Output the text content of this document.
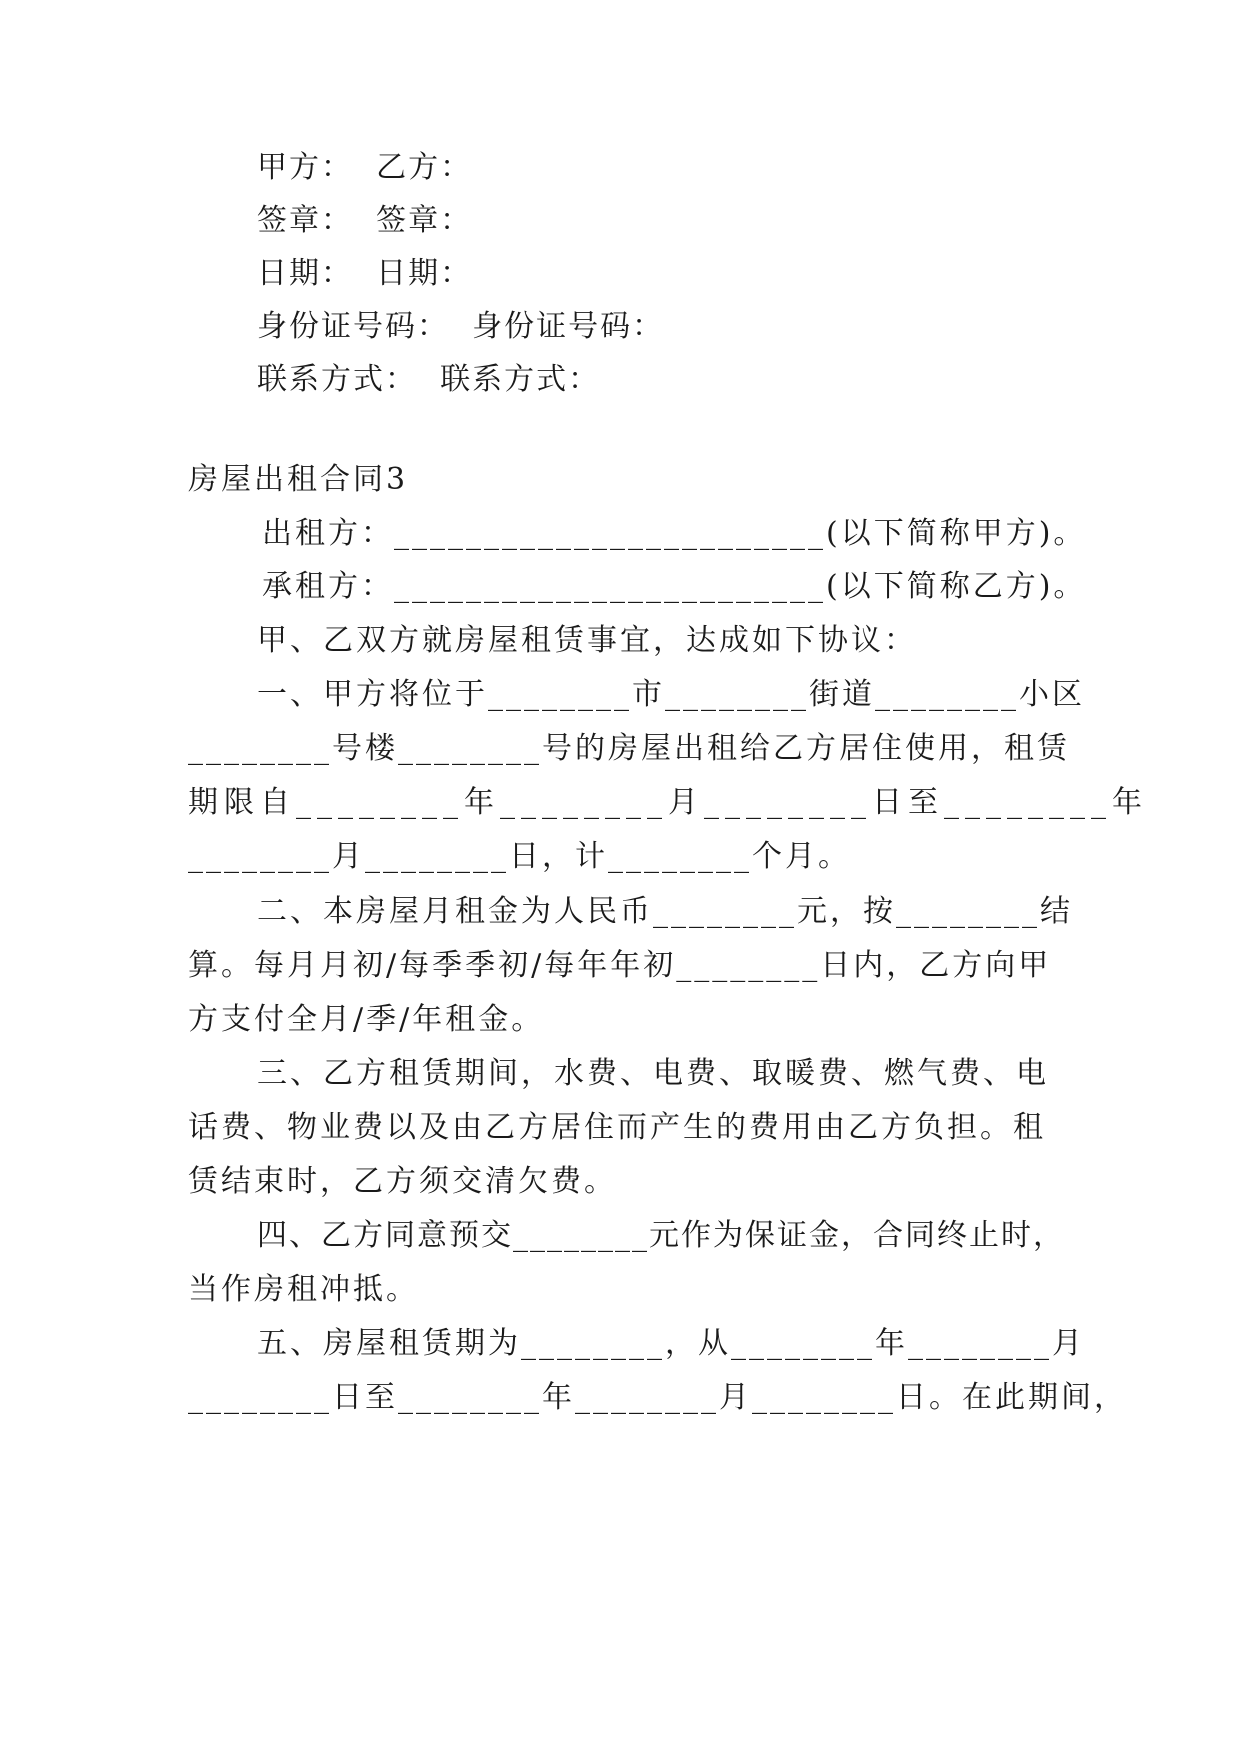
甲方：  乙方：
签章：  签章：
日期：  日期：
身份证号码：  身份证号码：
联系方式：  联系方式：
房屋出租合同3
出租方：________________________(以下简称甲方)。
承租方：________________________(以下简称乙方)。
甲、乙双方就房屋租赁事宜，达成如下协议：
一、甲方将位于________市________街道________小区
________号楼________号的房屋出租给乙方居住使用，租赁
期限自________年________月________日至________年
________月________日，计________个月。
二、本房屋月租金为人民币________元，按________结
算。每月月初/每季季初/每年年初________日内，乙方向甲
方支付全月/季/年租金。
三、乙方租赁期间，水费、电费、取暖费、燃气费、电
话费、物业费以及由乙方居住而产生的费用由乙方负担。租
赁结束时，乙方须交清欠费。
四、乙方同意预交________元作为保证金，合同终止时，
当作房租冲抵。
五、房屋租赁期为________，从________年________月
________日至________年________月________日。在此期间，
